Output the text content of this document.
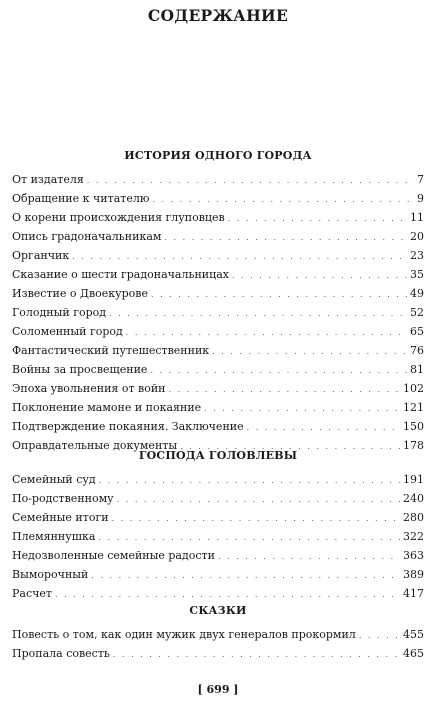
СОДЕРЖАНИЕ
ИСТОРИЯ ОДНОГО ГОРОДА
От издателя . . .	7
Обращение к читателю . . .	9
О корени происхождения глуповцев . . .	11
Опись градоначальникам . . .	20
Органчик . . .	23
Сказание о шести градоначальницах . . .	35
Известие о Двоекурове . . .	49
Голодный город . . .	52
Соломенный город . . .	65
Фантастический путешественник . . .	76
Войны за просвещение . . .	81
Эпоха увольнения от войн . . .	102
Поклонение мамоне и покаяние . . .	121
Подтверждение покаяния. Заключение . . .	150
Оправдательные документы . . .	178
ГОСПОДА ГОЛОВЛЕВЫ
Семейный суд . . .	191
По-родственному . . .	240
Семейные итоги . . .	280
Племяннушка . . .	322
Недозволенные семейные радости . . .	363
Выморочный . . .	389
Расчет . . .	417
СКАЗКИ
Повесть о том, как один мужик двух генералов прокормил . . .	455
Пропала совесть . . .	465
[ 699 ]
